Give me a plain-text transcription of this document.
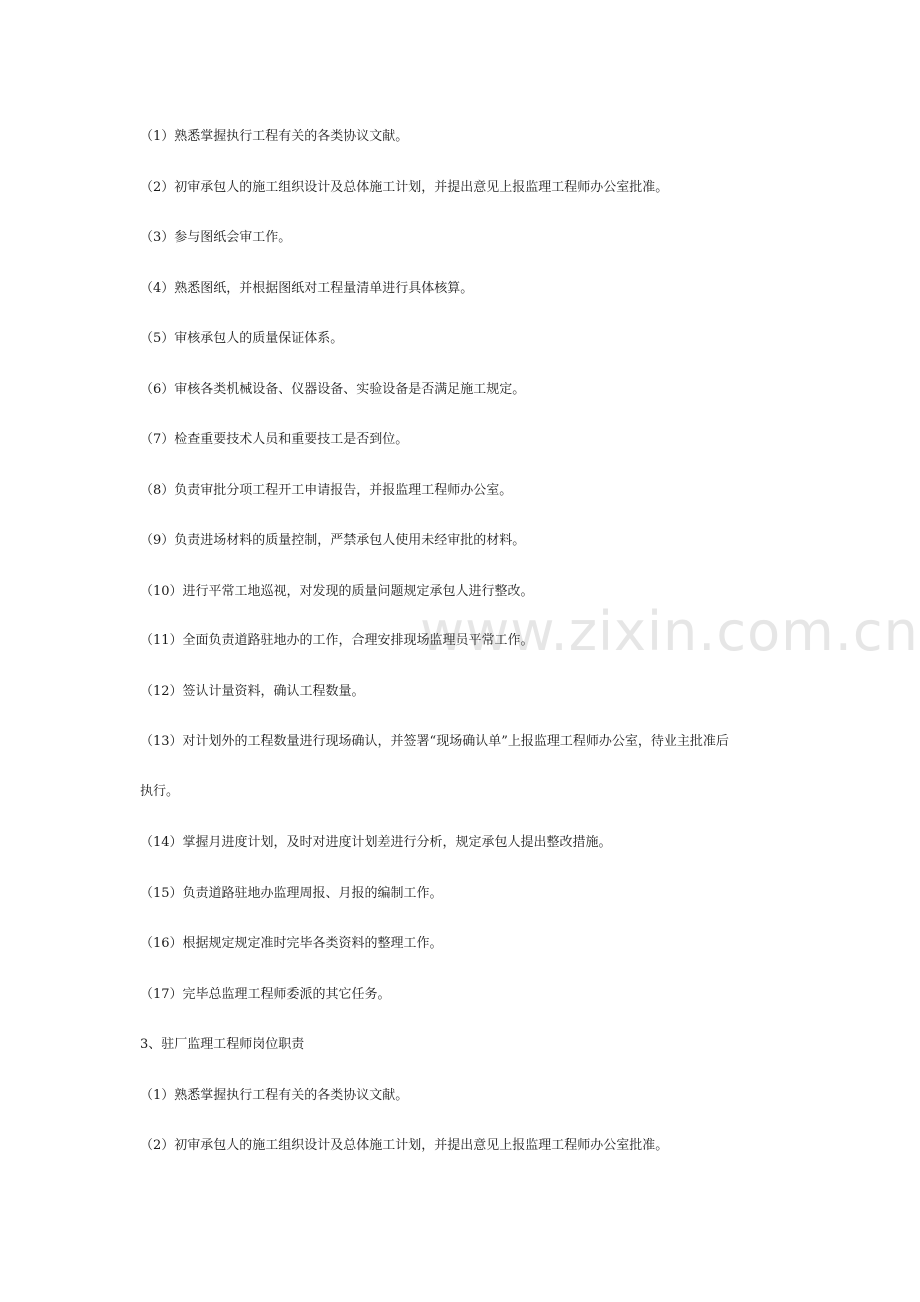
www.zixin.com.cn
（1）熟悉掌握执行工程有关的各类协议文献。
（2）初审承包人的施工组织设计及总体施工计划，并提出意见上报监理工程师办公室批准。
（3）参与图纸会审工作。
（4）熟悉图纸，并根据图纸对工程量清单进行具体核算。
（5）审核承包人的质量保证体系。
（6）审核各类机械设备、仪器设备、实验设备是否满足施工规定。
（7）检查重要技术人员和重要技工是否到位。
（8）负责审批分项工程开工申请报告，并报监理工程师办公室。
（9）负责进场材料的质量控制，严禁承包人使用未经审批的材料。
（10）进行平常工地巡视，对发现的质量问题规定承包人进行整改。
（11）全面负责道路驻地办的工作，合理安排现场监理员平常工作。
（12）签认计量资料，确认工程数量。
（13）对计划外的工程数量进行现场确认，并签署“现场确认单”上报监理工程师办公室，待业主批准后
执行。
（14）掌握月进度计划，及时对进度计划差进行分析，规定承包人提出整改措施。
（15）负责道路驻地办监理周报、月报的编制工作。
（16）根据规定规定准时完毕各类资料的整理工作。
（17）完毕总监理工程师委派的其它任务。
3、驻厂监理工程师岗位职责
（1）熟悉掌握执行工程有关的各类协议文献。
（2）初审承包人的施工组织设计及总体施工计划，并提出意见上报监理工程师办公室批准。
